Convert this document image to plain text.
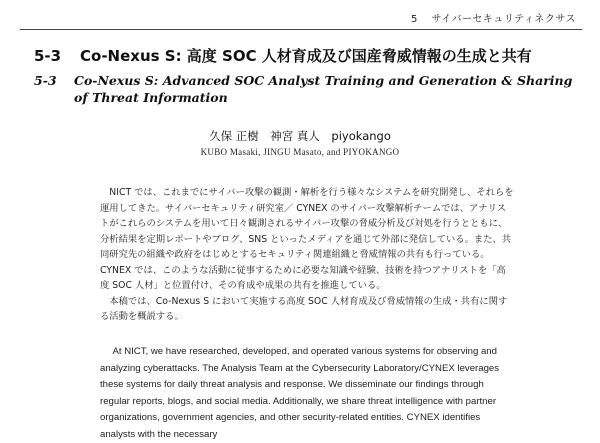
5 サイバーセキュリティネクサス
5-3 Co-Nexus S: 高度 SOC 人材育成及び国産脅威情報の生成と共有
5-3 Co-Nexus S: Advanced SOC Analyst Training and Generation & Sharing of Threat Information
久保 正樹　神宮 真人　piyokango
KUBO Masaki, JINGU Masato, and PIYOKANGO

NICT では、これまでにサイバー攻撃の観測・解析を行う様々なシステムを研究開発し、それらを運用してきた。サイバーセキュリティ研究室／ CYNEX のサイバー攻撃解析チームでは、アナリストがこれらのシステムを用いて日々観測されるサイバー攻撃の脅威分析及び対処を行うとともに、分析結果を定期レポートやブログ、SNS といったメディアを通じて外部に発信している。また、共同研究先の組織や政府をはじめとするセキュリティ関連組織と脅威情報の共有も行っている。CYNEX では、このような活動に従事するために必要な知識や経験、技術を持つアナリストを「高度 SOC 人材」と位置付け、その育成や成果の共有を推進している。

本稿では、Co-Nexus S において実施する高度 SOC 人材育成及び脅威情報の生成・共有に関する活動を概説する。

At NICT, we have researched, developed, and operated various systems for observing and analyzing cyberattacks. The Analysis Team at the Cybersecurity Laboratory/CYNEX leverages these systems for daily threat analysis and response. We disseminate our findings through regular reports, blogs, and social media. Additionally, we share threat intelligence with partner organizations, government agencies, and other security-related entities. CYNEX identifies analysts with the necessary
